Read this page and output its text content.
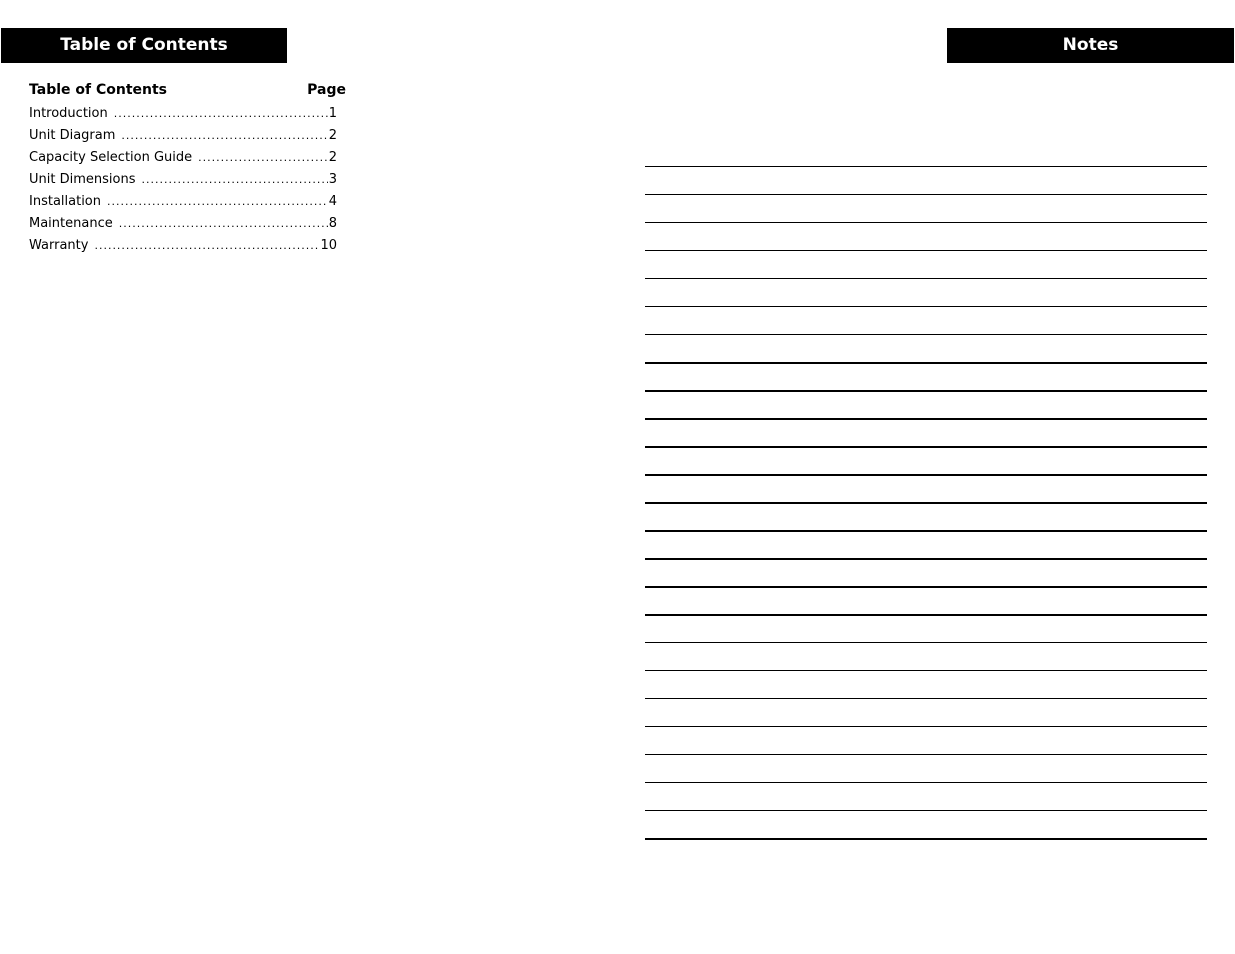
Table of Contents	Notes
Table of Contents	Page
Introduction .....	1
Unit Diagram .....	2
Capacity Selection Guide .....	2
Unit Dimensions .....	3
Installation .....	4
Maintenance .....	8
Warranty .....	10
